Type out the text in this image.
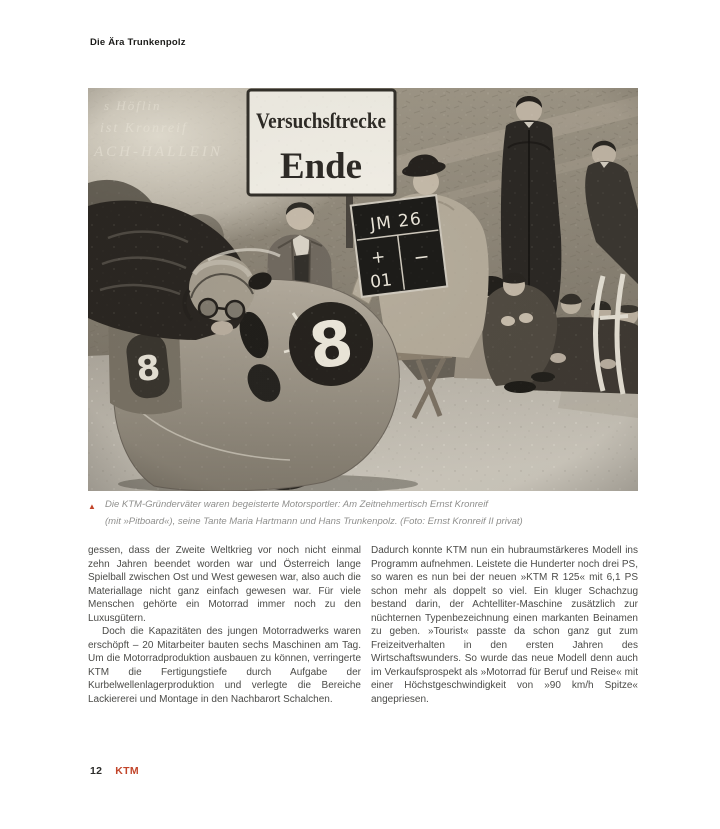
Die Ära Trunkenpolz
▲ Die KTM-Gründerväter waren begeisterte Motorsportler: Am Zeitnehmertisch Ernst Kronreif
(mit »Pitboard«), seine Tante Maria Hartmann und Hans Trunkenpolz. (Foto: Ernst Kronreif II privat)

gessen, dass der Zweite Weltkrieg vor noch nicht einmal zehn Jahren beendet worden war und Österreich lange Spielball zwischen Ost und West gewesen war, also auch die Materiallage nicht ganz einfach gewesen war. Für viele Menschen gehörte ein Motorrad immer noch zu den Luxusgütern.

Doch die Kapazitäten des jungen Motorradwerks waren erschöpft – 20 Mitarbeiter bauten sechs Maschinen am Tag. Um die Motorradproduktion ausbauen zu können, verringerte KTM die Fertigungstiefe durch Aufgabe der Kurbelwellenlagerproduktion und verlegte die Bereiche Lackiererei und Montage in den Nachbarort Schalchen.

Dadurch konnte KTM nun ein hubraumstärkeres Modell ins Programm aufnehmen. Leistete die Hunderter noch drei PS, so waren es nun bei der neuen »KTM R 125« mit 6,1 PS schon mehr als doppelt so viel. Ein kluger Schachzug bestand darin, der Achtelliter-Maschine zusätzlich zur nüchternen Typenbezeichnung einen markanten Beinamen zu geben. »Tourist« passte da schon ganz gut zum Freizeitverhalten in den ersten Jahren des Wirtschaftswunders. So wurde das neue Modell denn auch im Verkaufsprospekt als »Motorrad für Beruf und Reise« mit einer Höchstgeschwindigkeit von »90 km/h Spitze« angepriesen.

12 KTM
